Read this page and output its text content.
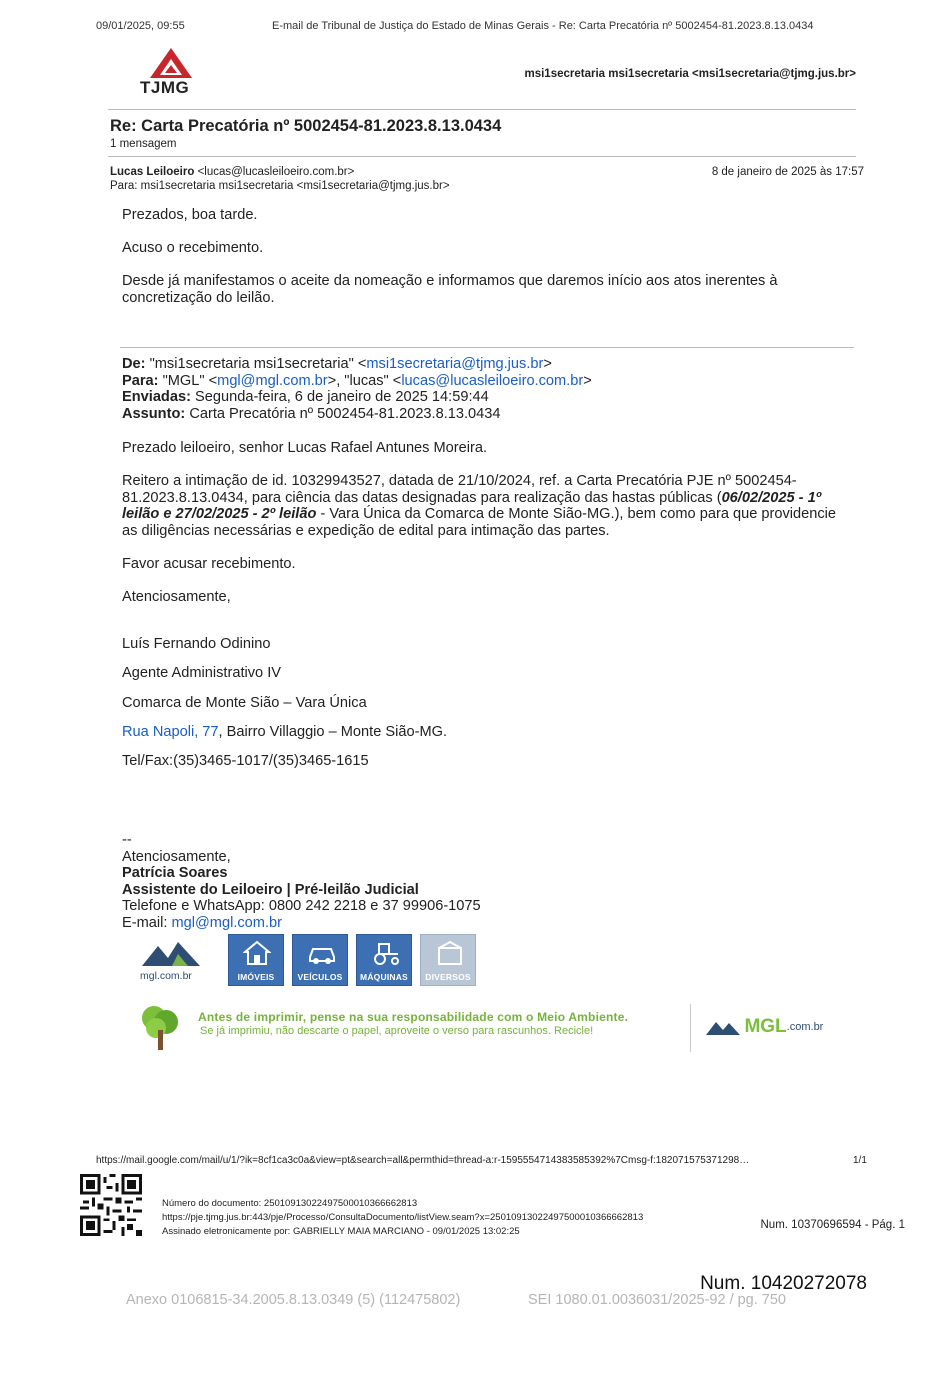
09/01/2025, 09:55	E-mail de Tribunal de Justiça do Estado de Minas Gerais - Re: Carta Precatória nº 5002454-81.2023.8.13.0434
TJMG
msi1secretaria msi1secretaria <msi1secretaria@tjmg.jus.br>
Re: Carta Precatória nº 5002454-81.2023.8.13.0434
1 mensagem
Lucas Leiloeiro <lucas@lucasleiloeiro.com.br>	8 de janeiro de 2025 às 17:57
Para: msi1secretaria msi1secretaria <msi1secretaria@tjmg.jus.br>
Prezados, boa tarde.
Acuso o recebimento.
Desde já manifestamos o aceite da nomeação e informamos que daremos início aos atos inerentes à concretização do leilão.
De: "msi1secretaria msi1secretaria" <msi1secretaria@tjmg.jus.br>
Para: "MGL" <mgl@mgl.com.br>, "lucas" <lucas@lucasleiloeiro.com.br>
Enviadas: Segunda-feira, 6 de janeiro de 2025 14:59:44
Assunto: Carta Precatória nº 5002454-81.2023.8.13.0434
Prezado leiloeiro, senhor Lucas Rafael Antunes Moreira.
Reitero a intimação de id. 10329943527, datada de 21/10/2024, ref. a Carta Precatória PJE nº 5002454-81.2023.8.13.0434, para ciência das datas designadas para realização das hastas públicas (06/02/2025 - 1º leilão e 27/02/2025 - 2º leilão - Vara Única da Comarca de Monte Sião-MG.), bem como para que providencie as diligências necessárias e expedição de edital para intimação das partes.
Favor acusar recebimento.
Atenciosamente,
Luís Fernando Odinino
Agente Administrativo IV
Comarca de Monte Sião – Vara Única
Rua Napoli, 77, Bairro Villaggio – Monte Sião-MG.
Tel/Fax:(35)3465-1017/(35)3465-1615
--
Atenciosamente,
Patrícia Soares
Assistente do Leiloeiro | Pré-leilão Judicial
Telefone e WhatsApp: 0800 242 2218 e 37 99906-1075
E-mail: mgl@mgl.com.br
mgl.com.br	IMÓVEIS	VEÍCULOS	MÁQUINAS	DIVERSOS
Antes de imprimir, pense na sua responsabilidade com o Meio Ambiente.
Se já imprimiu, não descarte o papel, aproveite o verso para rascunhos. Recicle!	MGL.com.br
https://mail.google.com/mail/u/1/?ik=8cf1ca3c0a&view=pt&search=all&permthid=thread-a:r-1595554714383585392%7Cmsg-f:182071575371298…	1/1
Número do documento: 25010913022497500010366662813
https://pje.tjmg.jus.br:443/pje/Processo/ConsultaDocumento/listView.seam?x=25010913022497500010366662813
Assinado eletronicamente por: GABRIELLY MAIA MARCIANO - 09/01/2025 13:02:25
Num. 10370696594 - Pág. 1
Num. 10420272078
Anexo 0106815-34.2005.8.13.0349 (5) (112475802)	SEI 1080.01.0036031/2025-92 / pg. 750
